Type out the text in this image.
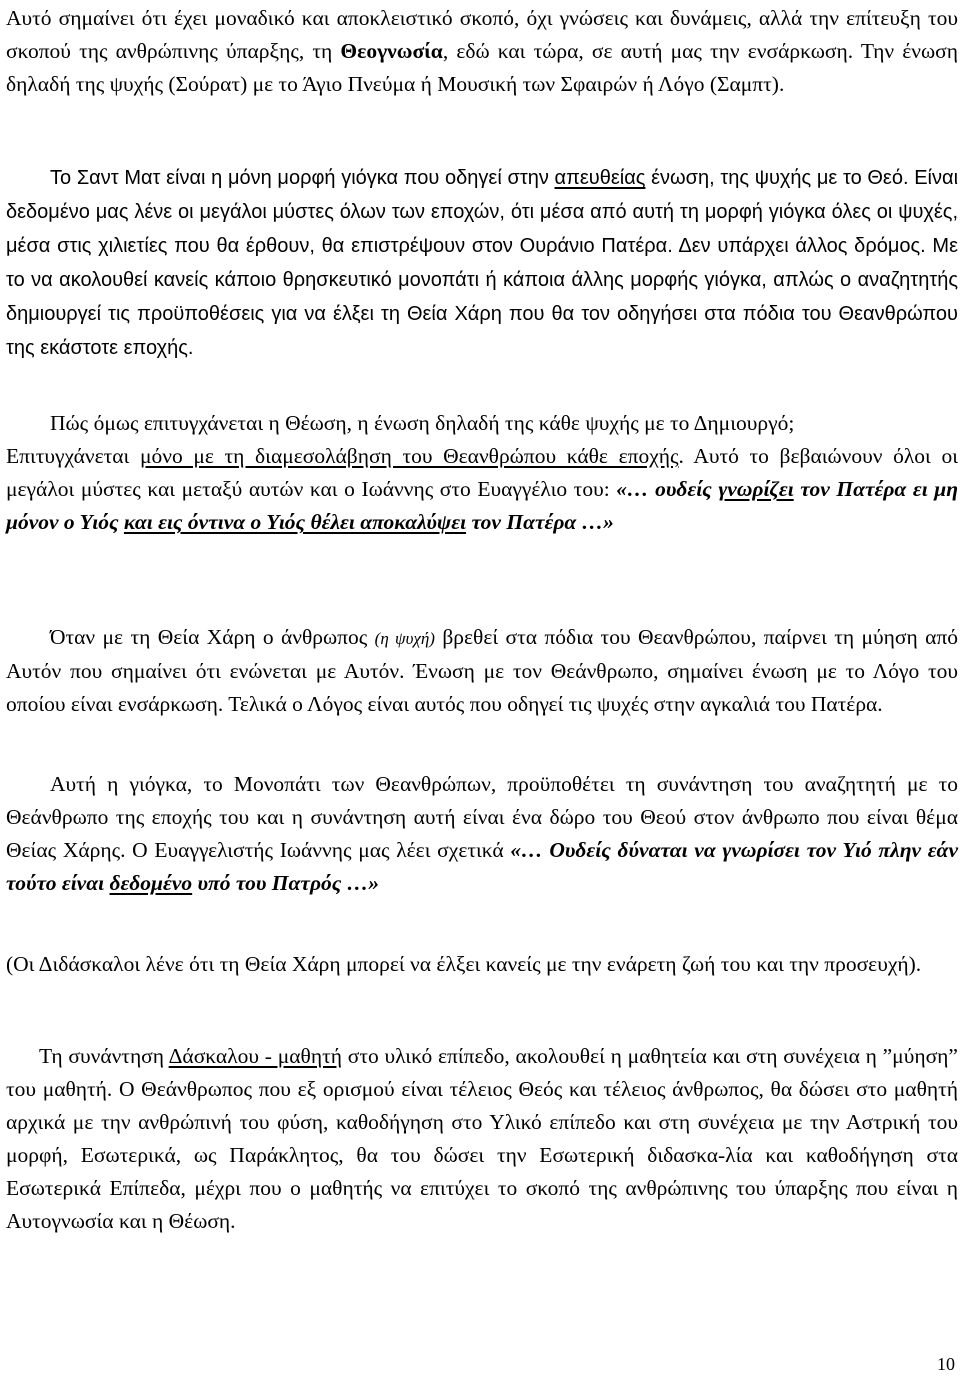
Αυτό σημαίνει ότι έχει μοναδικό και αποκλειστικό σκοπό, όχι γνώσεις και δυνάμεις, αλλά την επίτευξη του σκοπού της ανθρώπινης ύπαρξης, τη Θεογνωσία, εδώ και τώρα, σε αυτή μας την ενσάρκωση. Την ένωση δηλαδή της ψυχής (Σούρατ) με το Άγιο Πνεύμα ή Μουσική των Σφαιρών ή Λόγο (Σαμπτ).

Το Σαντ Ματ είναι η μόνη μορφή γιόγκα που οδηγεί στην απευθείας ένωση, της ψυχής με το Θεό. Είναι δεδομένο μας λένε οι μεγάλοι μύστες όλων των εποχών, ότι μέσα από αυτή τη μορφή γιόγκα όλες οι ψυχές, μέσα στις χιλιετίες που θα έρθουν, θα επιστρέψουν στον Ουράνιο Πατέρα. Δεν υπάρχει άλλος δρόμος. Με το να ακολουθεί κανείς κάποιο θρησκευτικό μονοπάτι ή κάποια άλλης μορφής γιόγκα, απλώς ο αναζητητής δημιουργεί τις προϋποθέσεις για να έλξει τη Θεία Χάρη που θα τον οδηγήσει στα πόδια του Θεανθρώπου της εκάστοτε εποχής.

Πώς όμως επιτυγχάνεται η Θέωση, η ένωση δηλαδή της κάθε ψυχής με το Δημιουργό;
Επιτυγχάνεται μόνο με τη διαμεσολάβηση του Θεανθρώπου κάθε εποχής. Αυτό το βεβαιώνουν όλοι οι μεγάλοι μύστες και μεταξύ αυτών και ο Ιωάννης στο Ευαγγέλιο του: «… ουδείς γνωρίζει τον Πατέρα ει μη μόνον ο Υιός και εις όντινα ο Υιός θέλει αποκαλύψει τον Πατέρα …»

Όταν με τη Θεία Χάρη ο άνθρωπος (η ψυχή) βρεθεί στα πόδια του Θεανθρώπου, παίρνει τη μύηση από Αυτόν που σημαίνει ότι ενώνεται με Αυτόν. Ένωση με τον Θεάνθρωπο, σημαίνει ένωση με το Λόγο του οποίου είναι ενσάρκωση. Τελικά ο Λόγος είναι αυτός που οδηγεί τις ψυχές στην αγκαλιά του Πατέρα.

Αυτή η γιόγκα, το Μονοπάτι των Θεανθρώπων, προϋποθέτει τη συνάντηση του αναζητητή με το Θεάνθρωπο της εποχής του και η συνάντηση αυτή είναι ένα δώρο του Θεού στον άνθρωπο που είναι θέμα Θείας Χάρης. Ο Ευαγγελιστής Ιωάννης μας λέει σχετικά «… Ουδείς δύναται να γνωρίσει τον Υιό πλην εάν τούτο είναι δεδομένο υπό του Πατρός …»

(Οι Διδάσκαλοι λένε ότι τη Θεία Χάρη μπορεί να έλξει κανείς με την ενάρετη ζωή του και την προσευχή).

Τη συνάντηση Δάσκαλου - μαθητή στο υλικό επίπεδο, ακολουθεί η μαθητεία και στη συνέχεια η ”μύηση” του μαθητή. Ο Θεάνθρωπος που εξ ορισμού είναι τέλειος Θεός και τέλειος άνθρωπος, θα δώσει στο μαθητή αρχικά με την ανθρώπινή του φύση, καθοδήγηση στο Υλικό επίπεδο και στη συνέχεια με την Αστρική του μορφή, Εσωτερικά, ως Παράκλητος, θα του δώσει την Εσωτερική διδασκα-λία και καθοδήγηση στα Εσωτερικά Επίπεδα, μέχρι που ο μαθητής να επιτύχει το σκοπό της ανθρώπινης του ύπαρξης που είναι η Αυτογνωσία και η Θέωση.

10
